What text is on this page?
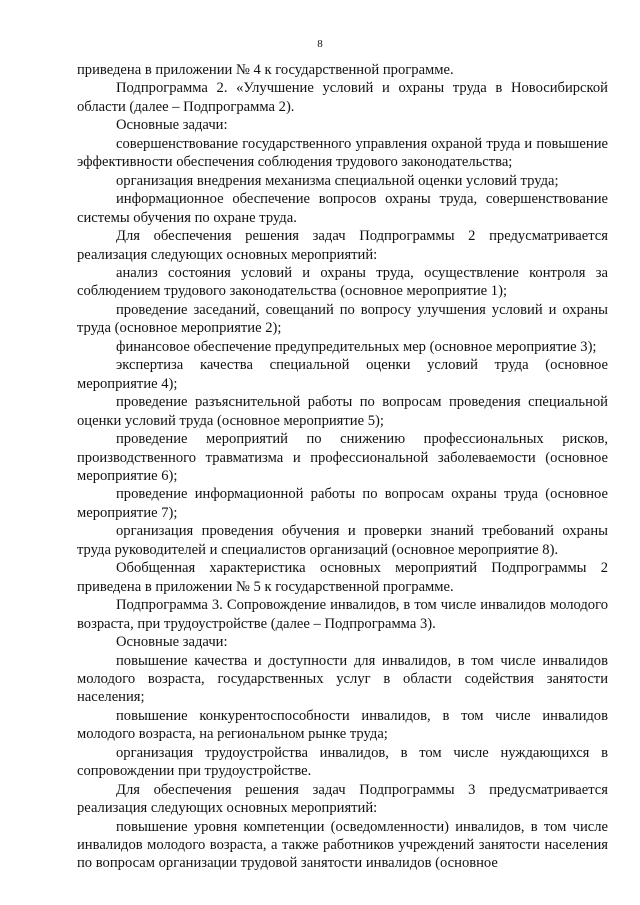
8

приведена в приложении № 4 к государственной программе.

Подпрограмма 2. «Улучшение условий и охраны труда в Новосибирской области (далее – Подпрограмма 2).

Основные задачи:

совершенствование государственного управления охраной труда и повышение эффективности обеспечения соблюдения трудового законодательства;

организация внедрения механизма специальной оценки условий труда;

информационное обеспечение вопросов охраны труда, совершенствование системы обучения по охране труда.

Для обеспечения решения задач Подпрограммы 2 предусматривается реализация следующих основных мероприятий:

анализ состояния условий и охраны труда, осуществление контроля за соблюдением трудового законодательства (основное мероприятие 1);

проведение заседаний, совещаний по вопросу улучшения условий и охраны труда (основное мероприятие 2);

финансовое обеспечение предупредительных мер (основное мероприятие 3);

экспертиза качества специальной оценки условий труда (основное мероприятие 4);

проведение разъяснительной работы по вопросам проведения специальной оценки условий труда (основное мероприятие 5);

проведение мероприятий по снижению профессиональных рисков, производственного травматизма и профессиональной заболеваемости (основное мероприятие 6);

проведение информационной работы по вопросам охраны труда (основное мероприятие 7);

организация проведения обучения и проверки знаний требований охраны труда руководителей и специалистов организаций (основное мероприятие 8).

Обобщенная характеристика основных мероприятий Подпрограммы 2 приведена в приложении № 5 к государственной программе.

Подпрограмма 3. Сопровождение инвалидов, в том числе инвалидов молодого возраста, при трудоустройстве (далее – Подпрограмма 3).

Основные задачи:

повышение качества и доступности для инвалидов, в том числе инвалидов молодого возраста, государственных услуг в области содействия занятости населения;

повышение конкурентоспособности инвалидов, в том числе инвалидов молодого возраста, на региональном рынке труда;

организация трудоустройства инвалидов, в том числе нуждающихся в сопровождении при трудоустройстве.

Для обеспечения решения задач Подпрограммы 3 предусматривается реализация следующих основных мероприятий:

повышение уровня компетенции (осведомленности) инвалидов, в том числе инвалидов молодого возраста, а также работников учреждений занятости населения по вопросам организации трудовой занятости инвалидов (основное
